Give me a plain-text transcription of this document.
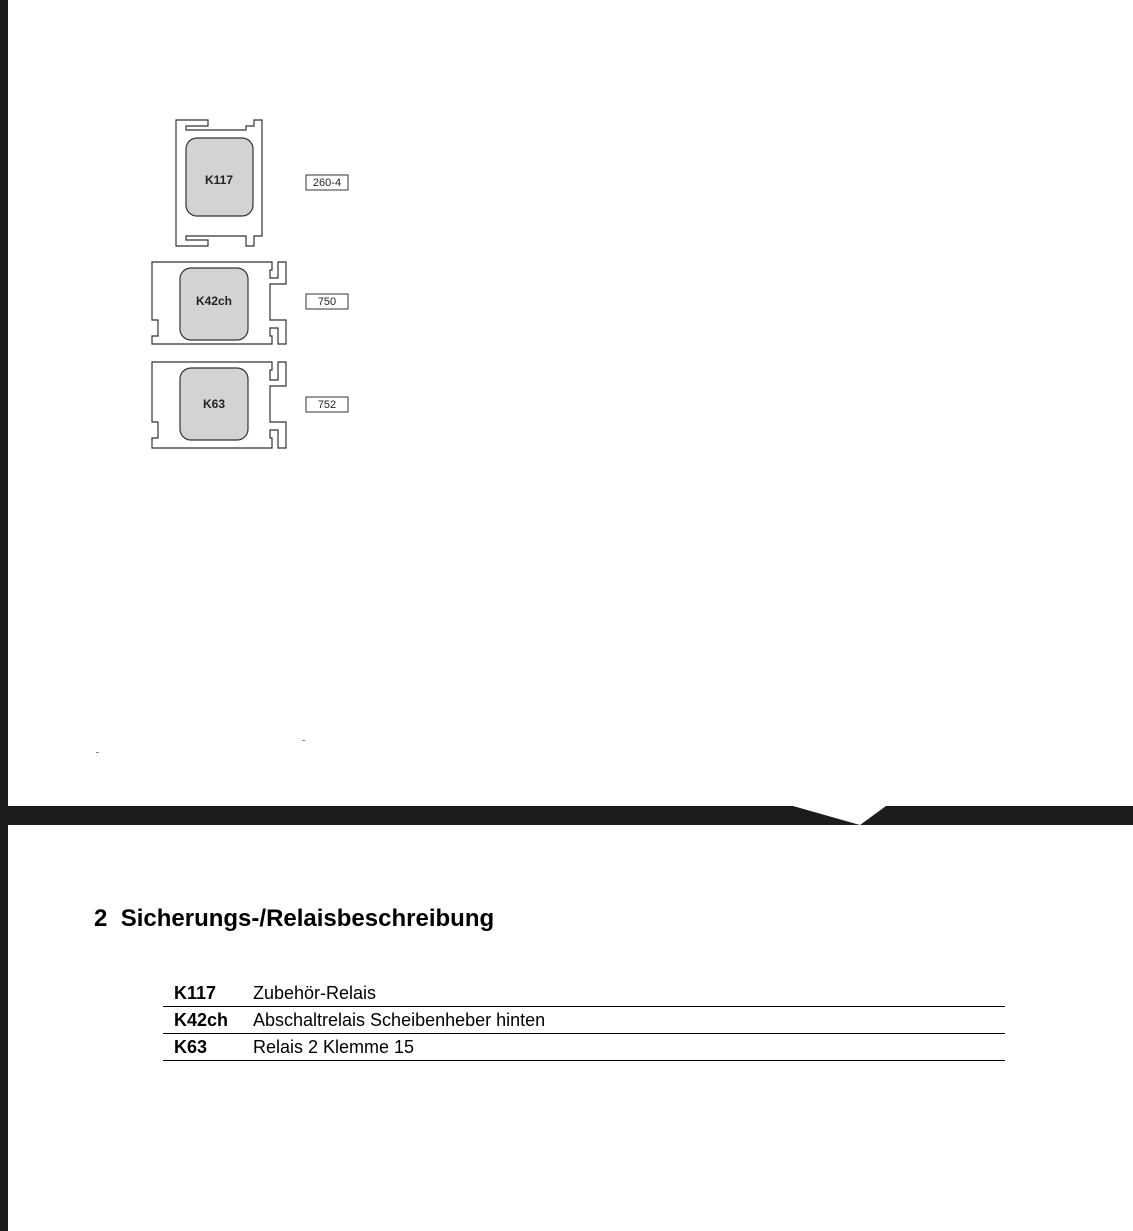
K117
K42ch
K63
260-4
750
752
2 Sicherungs-/Relaisbeschreibung
K117	Zubehör-Relais
K42ch	Abschaltrelais Scheibenheber hinten
K63	Relais 2 Klemme 15
